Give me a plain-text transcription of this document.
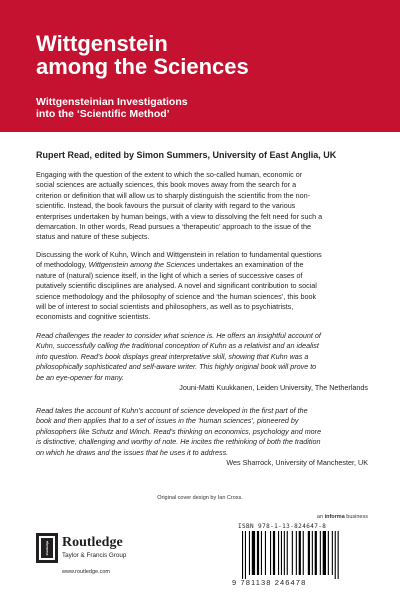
Wittgenstein
among the Sciences
Wittgensteinian Investigations
into the ‘Scientific Method’
Rupert Read, edited by Simon Summers, University of East Anglia, UK

Engaging with the question of the extent to which the so-called human, economic or
social sciences are actually sciences, this book moves away from the search for a
criterion or definition that will allow us to sharply distinguish the scientific from the non-
scientific. Instead, the book favours the pursuit of clarity with regard to the various
enterprises undertaken by human beings, with a view to dissolving the felt need for such a
demarcation. In other words, Read pursues a ‘therapeutic’ approach to the issue of the
status and nature of these subjects.

Discussing the work of Kuhn, Winch and Wittgenstein in relation to fundamental questions
of methodology, Wittgenstein among the Sciences undertakes an examination of the
nature of (natural) science itself, in the light of which a series of successive cases of
putatively scientific disciplines are analysed. A novel and significant contribution to social
science methodology and the philosophy of science and ‘the human sciences’, this book
will be of interest to social scientists and philosophers, as well as to psychiatrists,
economists and cognitive scientists.

Read challenges the reader to consider what science is. He offers an insightful account of
Kuhn, successfully calling the traditional conception of Kuhn as a relativist and an idealist
into question. Read’s book displays great interpretative skill, showing that Kuhn was a
philosophically sophisticated and self-aware writer. This highly original book will prove to
be an eye-opener for many.
Jouni-Matti Kuukkanen, Leiden University, The Netherlands

Read takes the account of Kuhn’s account of science developed in the first part of the
book and then applies that to a set of issues in the ‘human sciences’, pioneered by
philosophers like Schutz and Winch. Read’s thinking on economics, psychology and more
is distinctive, challenging and worthy of note. He incites the rethinking of both the tradition
on which he draws and the issues that he uses it to address.
Wes Sharrock, University of Manchester, UK

Original cover design by Ian Cross.
an informa business
ISBN 978-1-13-824647-8
9 781138 246478
Routledge Routledge
Taylor & Francis Group
www.routledge.com
